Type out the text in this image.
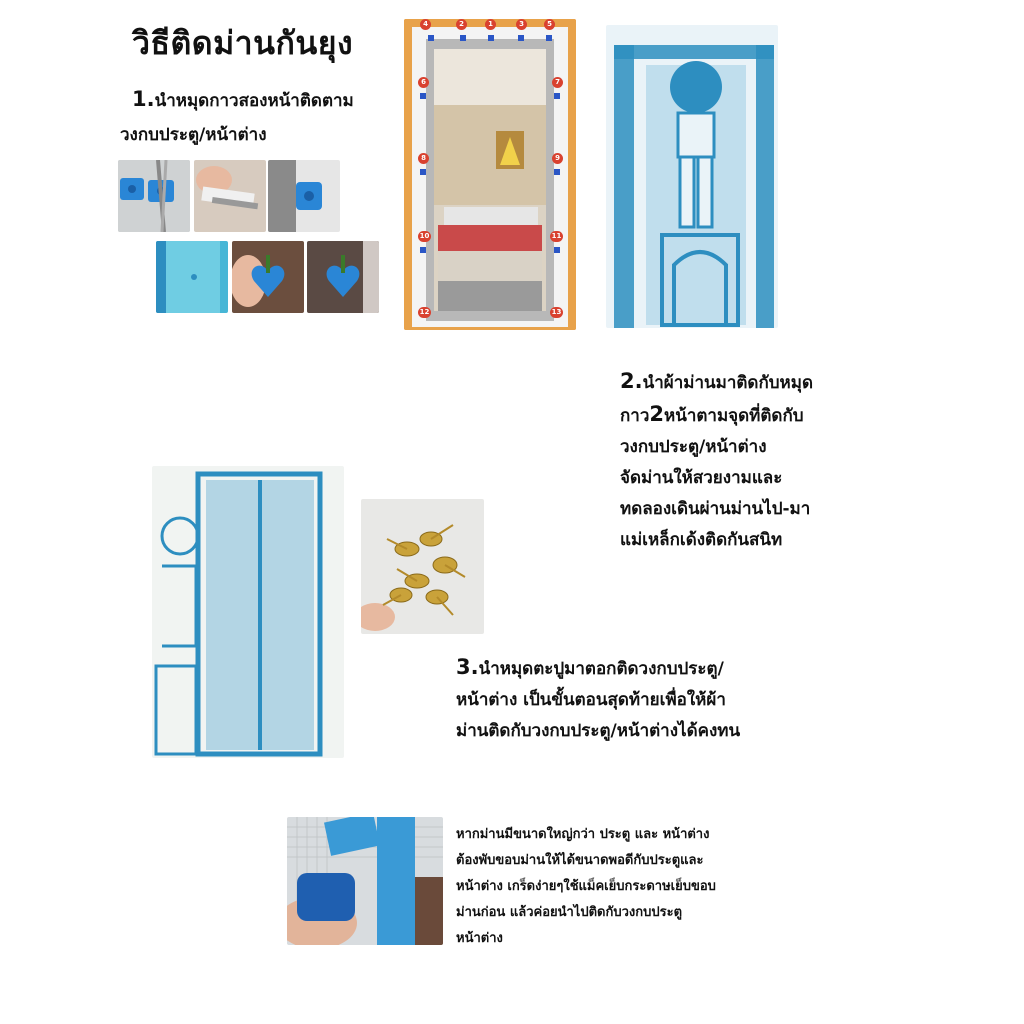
วิธีติดม่านกันยุง
1.นำหมุดกาวสองหน้าติดตาม
วงกบประตู/หน้าต่าง
4	2	1	3	5
6	7
8	9
10	11
12	13
2.นำผ้าม่านมาติดกับหมุด
กาว2หน้าตามจุดที่ติดกับ
วงกบประตู/หน้าต่าง
จัดม่านให้สวยงามและ
ทดลองเดินผ่านม่านไป-มา
แม่เหล็กเด้งติดกันสนิท
3.นำหมุดตะปูมาตอกติดวงกบประตู/
หน้าต่าง เป็นขั้นตอนสุดท้ายเพื่อให้ผ้า
ม่านติดกับวงกบประตู/หน้าต่างได้คงทน
หากม่านมีขนาดใหญ่กว่า ประตู และ หน้าต่าง
ต้องพับขอบม่านให้ได้ขนาดพอดีกับประตูและ
หน้าต่าง เกร็ดง่ายๆใช้แม็คเย็บกระดาษเย็บขอบ
ม่านก่อน แล้วค่อยนำไปติดกับวงกบประตู
หน้าต่าง
